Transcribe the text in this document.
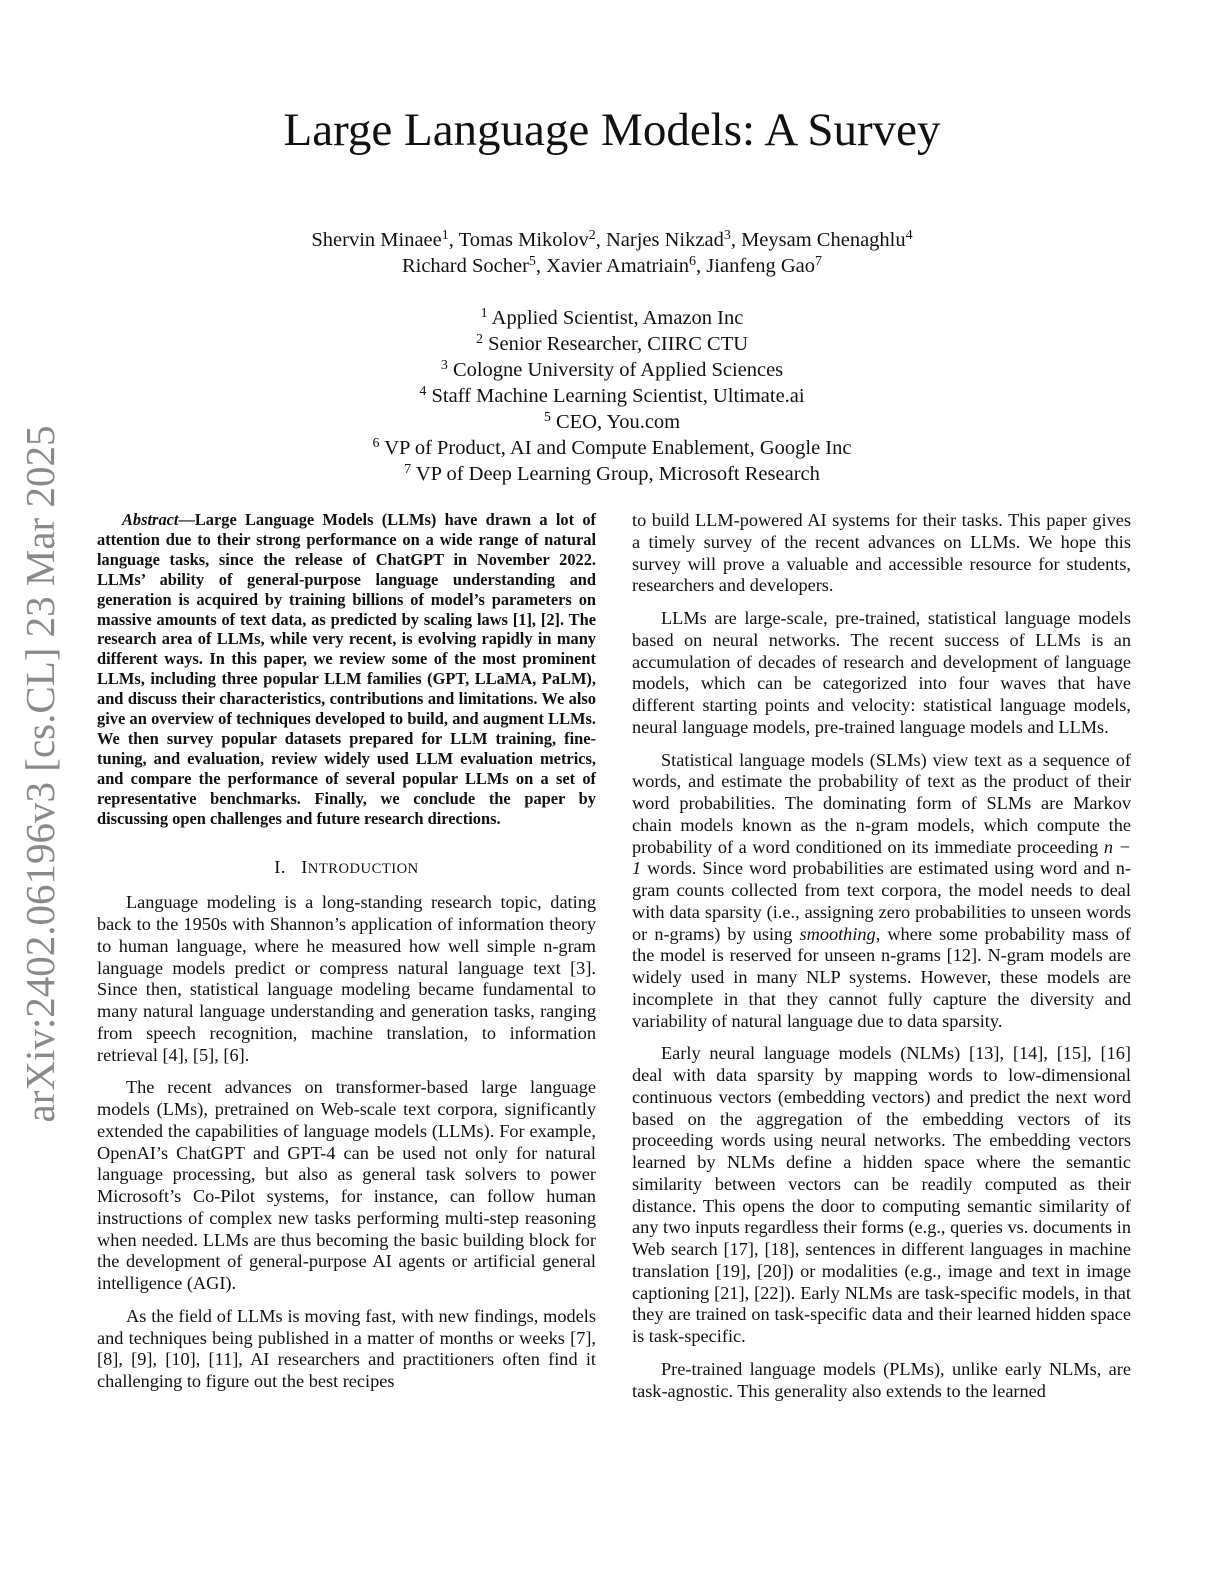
arXiv:2402.06196v3 [cs.CL] 23 Mar 2025
Large Language Models: A Survey
Shervin Minaee$^1$, Tomas Mikolov$^2$, Narjes Nikzad$^3$, Meysam Chenaghlu$^4$
Richard Socher$^5$, Xavier Amatriain$^6$, Jianfeng Gao$^7$
$^1$ Applied Scientist, Amazon Inc
$^2$ Senior Researcher, CIIRC CTU
$^3$ Cologne University of Applied Sciences
$^4$ Staff Machine Learning Scientist, Ultimate.ai
$^5$ CEO, You.com
$^6$ VP of Product, AI and Compute Enablement, Google Inc
$^7$ VP of Deep Learning Group, Microsoft Research

Abstract—Large Language Models (LLMs) have drawn a lot of attention due to their strong performance on a wide range of natural language tasks, since the release of ChatGPT in November 2022. LLMs’ ability of general-purpose language understanding and generation is acquired by training billions of model’s parameters on massive amounts of text data, as predicted by scaling laws [1], [2]. The research area of LLMs, while very recent, is evolving rapidly in many different ways. In this paper, we review some of the most prominent LLMs, including three popular LLM families (GPT, LLaMA, PaLM), and discuss their characteristics, contributions and limitations. We also give an overview of techniques developed to build, and augment LLMs. We then survey popular datasets prepared for LLM training, fine-tuning, and evaluation, review widely used LLM evaluation metrics, and compare the performance of several popular LLMs on a set of representative benchmarks. Finally, we conclude the paper by discussing open challenges and future research directions.

I. INTRODUCTION

Language modeling is a long-standing research topic, dating back to the 1950s with Shannon’s application of information theory to human language, where he measured how well simple n-gram language models predict or compress natural language text [3]. Since then, statistical language modeling became fundamental to many natural language understanding and generation tasks, ranging from speech recognition, machine translation, to information retrieval [4], [5], [6].

The recent advances on transformer-based large language models (LMs), pretrained on Web-scale text corpora, significantly extended the capabilities of language models (LLMs). For example, OpenAI’s ChatGPT and GPT-4 can be used not only for natural language processing, but also as general task solvers to power Microsoft’s Co-Pilot systems, for instance, can follow human instructions of complex new tasks performing multi-step reasoning when needed. LLMs are thus becoming the basic building block for the development of general-purpose AI agents or artificial general intelligence (AGI).

As the field of LLMs is moving fast, with new findings, models and techniques being published in a matter of months or weeks [7], [8], [9], [10], [11], AI researchers and practitioners often find it challenging to figure out the best recipes

to build LLM-powered AI systems for their tasks. This paper gives a timely survey of the recent advances on LLMs. We hope this survey will prove a valuable and accessible resource for students, researchers and developers.

LLMs are large-scale, pre-trained, statistical language models based on neural networks. The recent success of LLMs is an accumulation of decades of research and development of language models, which can be categorized into four waves that have different starting points and velocity: statistical language models, neural language models, pre-trained language models and LLMs.

Statistical language models (SLMs) view text as a sequence of words, and estimate the probability of text as the product of their word probabilities. The dominating form of SLMs are Markov chain models known as the n-gram models, which compute the probability of a word conditioned on its immediate proceeding n − 1 words. Since word probabilities are estimated using word and n-gram counts collected from text corpora, the model needs to deal with data sparsity (i.e., assigning zero probabilities to unseen words or n-grams) by using smoothing, where some probability mass of the model is reserved for unseen n-grams [12]. N-gram models are widely used in many NLP systems. However, these models are incomplete in that they cannot fully capture the diversity and variability of natural language due to data sparsity.

Early neural language models (NLMs) [13], [14], [15], [16] deal with data sparsity by mapping words to low-dimensional continuous vectors (embedding vectors) and predict the next word based on the aggregation of the embedding vectors of its proceeding words using neural networks. The embedding vectors learned by NLMs define a hidden space where the semantic similarity between vectors can be readily computed as their distance. This opens the door to computing semantic similarity of any two inputs regardless their forms (e.g., queries vs. documents in Web search [17], [18], sentences in different languages in machine translation [19], [20]) or modalities (e.g., image and text in image captioning [21], [22]). Early NLMs are task-specific models, in that they are trained on task-specific data and their learned hidden space is task-specific.

Pre-trained language models (PLMs), unlike early NLMs, are task-agnostic. This generality also extends to the learned
